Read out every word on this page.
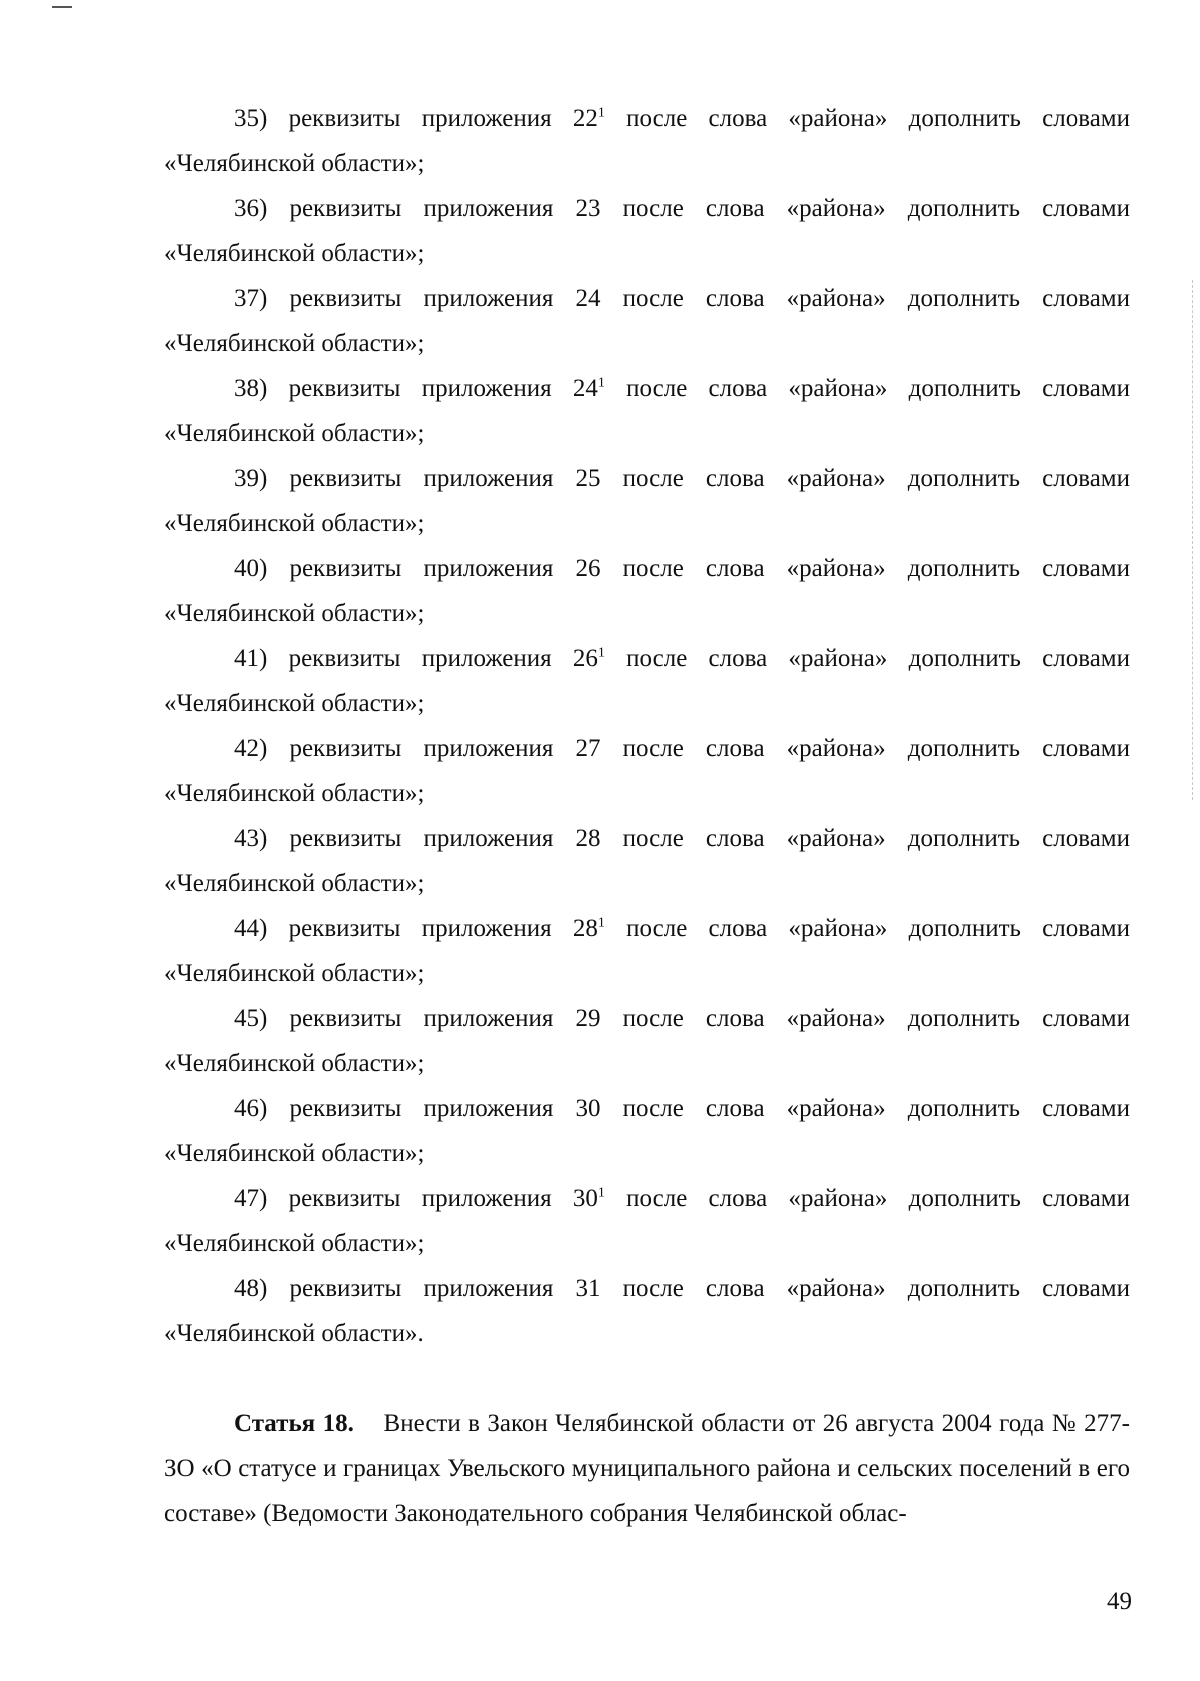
35) реквизиты приложения $22^1$ после слова «района» дополнить словами «Челябинской области»;

36) реквизиты приложения 23 после слова «района» дополнить словами «Челябинской области»;

37) реквизиты приложения 24 после слова «района» дополнить словами «Челябинской области»;

38) реквизиты приложения $24^1$ после слова «района» дополнить словами «Челябинской области»;

39) реквизиты приложения 25 после слова «района» дополнить словами «Челябинской области»;

40) реквизиты приложения 26 после слова «района» дополнить словами «Челябинской области»;

41) реквизиты приложения $26^1$ после слова «района» дополнить словами «Челябинской области»;

42) реквизиты приложения 27 после слова «района» дополнить словами «Челябинской области»;

43) реквизиты приложения 28 после слова «района» дополнить словами «Челябинской области»;

44) реквизиты приложения $28^1$ после слова «района» дополнить словами «Челябинской области»;

45) реквизиты приложения 29 после слова «района» дополнить словами «Челябинской области»;

46) реквизиты приложения 30 после слова «района» дополнить словами «Челябинской области»;

47) реквизиты приложения $30^1$ после слова «района» дополнить словами «Челябинской области»;

48) реквизиты приложения 31 после слова «района» дополнить словами «Челябинской области».

Статья 18. Внести в Закон Челябинской области от 26 августа 2004 года № 277-ЗО «О статусе и границах Увельского муниципального района и сельских поселений в его составе» (Ведомости Законодательного собрания Челябинской облас-

49
